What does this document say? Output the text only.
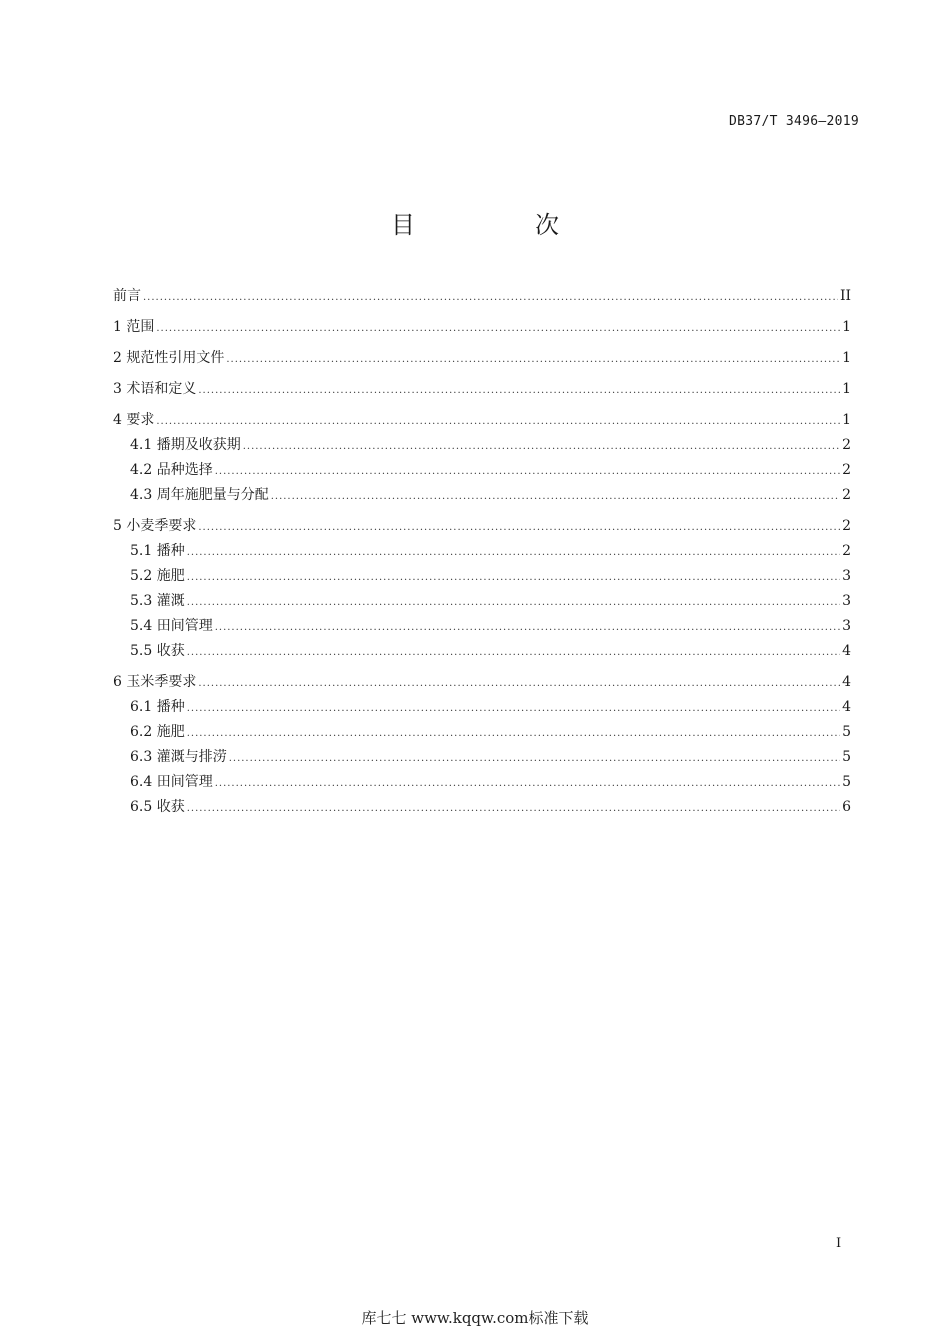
DB37/T 3496—2019
目　次
前言 .....	II
1 范围 .....	1
2 规范性引用文件 .....	1
3 术语和定义 .....	1
4 要求 .....	1
4.1 播期及收获期 .....	2
4.2 品种选择 .....	2
4.3 周年施肥量与分配 .....	2
5 小麦季要求 .....	2
5.1 播种 .....	2
5.2 施肥 .....	3
5.3 灌溉 .....	3
5.4 田间管理 .....	3
5.5 收获 .....	4
6 玉米季要求 .....	4
6.1 播种 .....	4
6.2 施肥 .....	5
6.3 灌溉与排涝 .....	5
6.4 田间管理 .....	5
6.5 收获 .....	6
I
库七七 www.kqqw.com标准下载
